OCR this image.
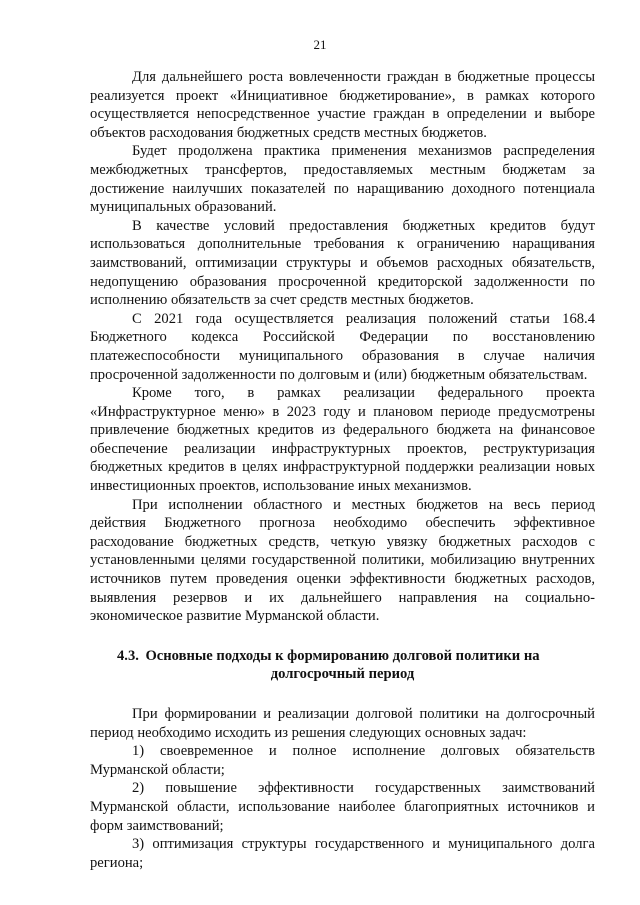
21

Для дальнейшего роста вовлеченности граждан в бюджетные процессы реализуется проект «Инициативное бюджетирование», в рамках которого осуществляется непосредственное участие граждан в определении и выборе объектов расходования бюджетных средств местных бюджетов.

Будет продолжена практика применения механизмов распределения межбюджетных трансфертов, предоставляемых местным бюджетам за достижение наилучших показателей по наращиванию доходного потенциала муниципальных образований.

В качестве условий предоставления бюджетных кредитов будут использоваться дополнительные требования к ограничению наращивания заимствований, оптимизации структуры и объемов расходных обязательств, недопущению образования просроченной кредиторской задолженности по исполнению обязательств за счет средств местных бюджетов.

С 2021 года осуществляется реализация положений статьи 168.4 Бюджетного кодекса Российской Федерации по восстановлению платежеспособности муниципального образования в случае наличия просроченной задолженности по долговым и (или) бюджетным обязательствам.

Кроме того, в рамках реализации федерального проекта «Инфраструктурное меню» в 2023 году и плановом периоде предусмотрены привлечение бюджетных кредитов из федерального бюджета на финансовое обеспечение реализации инфраструктурных проектов, реструктуризация бюджетных кредитов в целях инфраструктурной поддержки реализации новых инвестиционных проектов, использование иных механизмов.

При исполнении областного и местных бюджетов на весь период действия Бюджетного прогноза необходимо обеспечить эффективное расходование бюджетных средств, четкую увязку бюджетных расходов с установленными целями государственной политики, мобилизацию внутренних источников путем проведения оценки эффективности бюджетных расходов, выявления резервов и их дальнейшего направления на социально-экономическое развитие Мурманской области.

4.3. Основные подходы к формированию долговой политики на долгосрочный период

При формировании и реализации долговой политики на долгосрочный период необходимо исходить из решения следующих основных задач:

1) своевременное и полное исполнение долговых обязательств Мурманской области;

2) повышение эффективности государственных заимствований Мурманской области, использование наиболее благоприятных источников и форм заимствований;

3) оптимизация структуры государственного и муниципального долга региона;
